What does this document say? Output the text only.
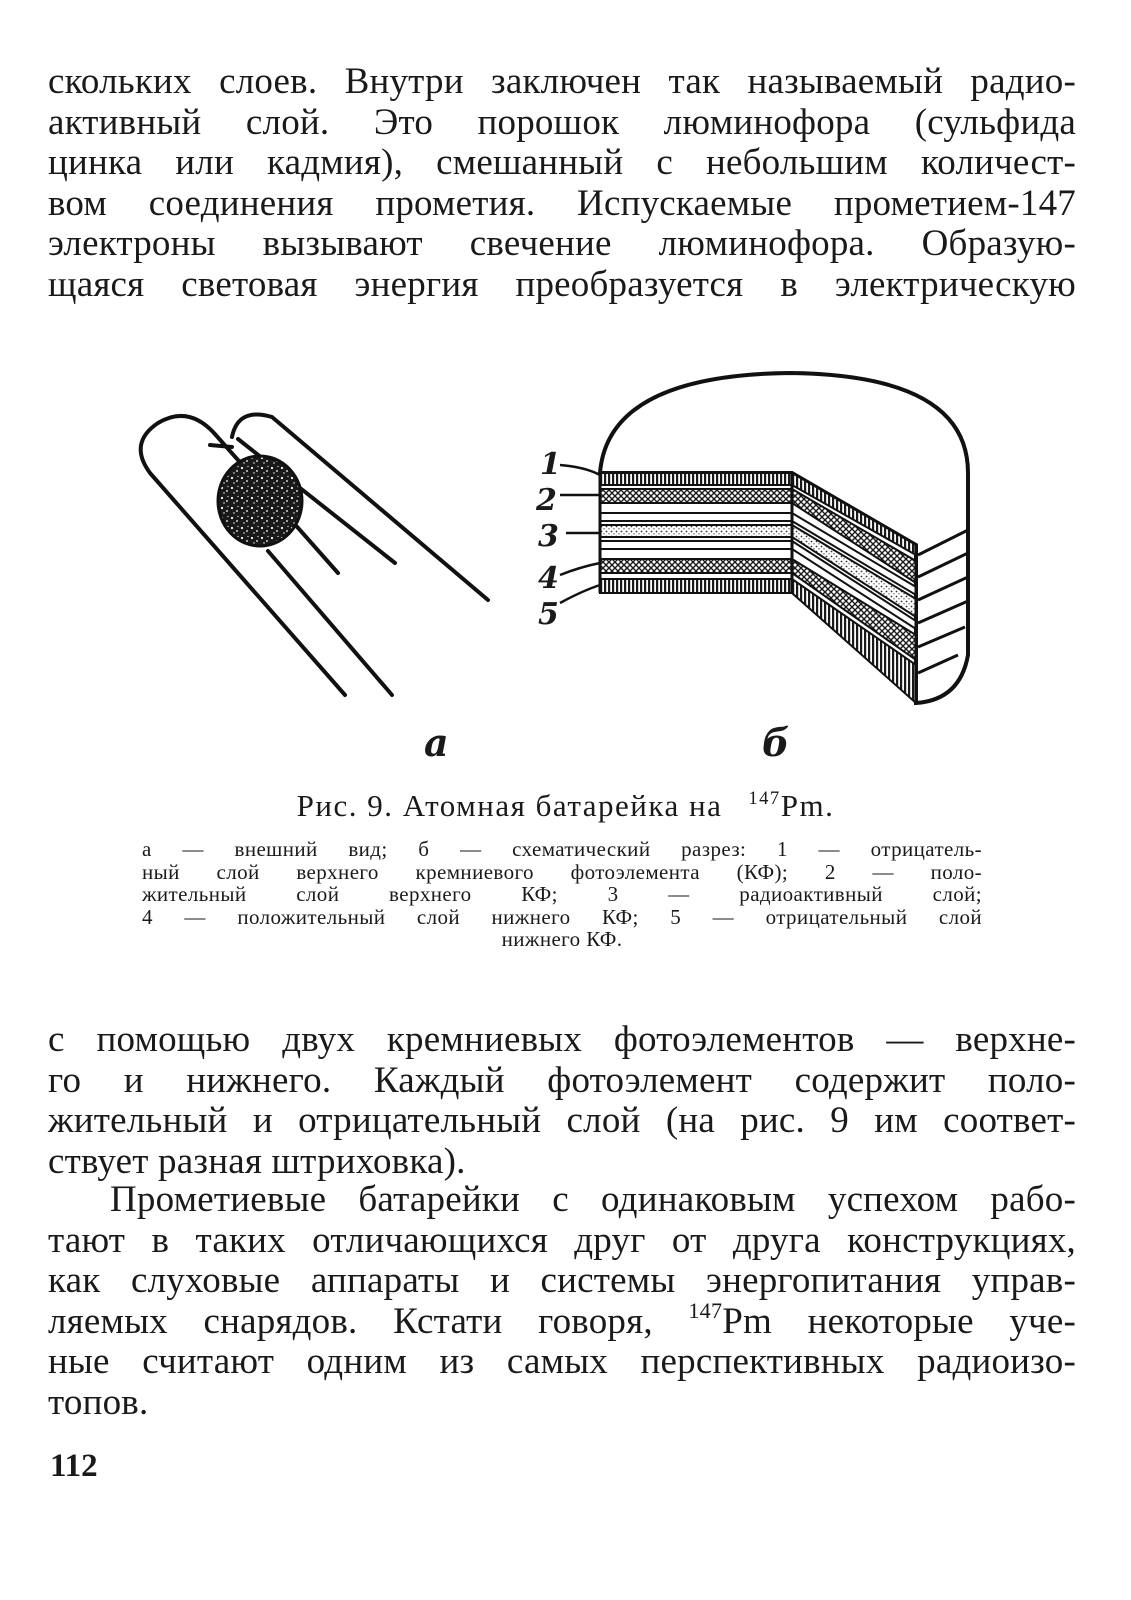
скольких слоев. Внутри заключен так называемый радио-
активный слой. Это порошок люминофора (сульфида
цинка или кадмия), смешанный с небольшим количест-
вом соединения прометия. Испускаемые прометием-147
электроны вызывают свечение люминофора. Образую-
щаяся световая энергия преобразуется в электрическую
1
2
3
4
5
а	б

Рис. 9. Атомная батарейка на $^{147}$Pm.

а — внешний вид; б — схематический разрез: 1 — отрицатель-
ный слой верхнего кремниевого фотоэлемента (КФ); 2 — поло-
жительный слой верхнего КФ; 3 — радиоактивный слой;
4 — положительный слой нижнего КФ; 5 — отрицательный слой
нижнего КФ.
с помощью двух кремниевых фотоэлементов — верхне-
го и нижнего. Каждый фотоэлемент содержит поло-
жительный и отрицательный слой (на рис. 9 им соответ-
ствует разная штриховка).
Прометиевые батарейки с одинаковым успехом рабо-
тают в таких отличающихся друг от друга конструкциях,
как слуховые аппараты и системы энергопитания управ-
ляемых снарядов. Кстати говоря, $^{147}$Pm некоторые уче-
ные считают одним из самых перспективных радиоизо-
топов.

112
